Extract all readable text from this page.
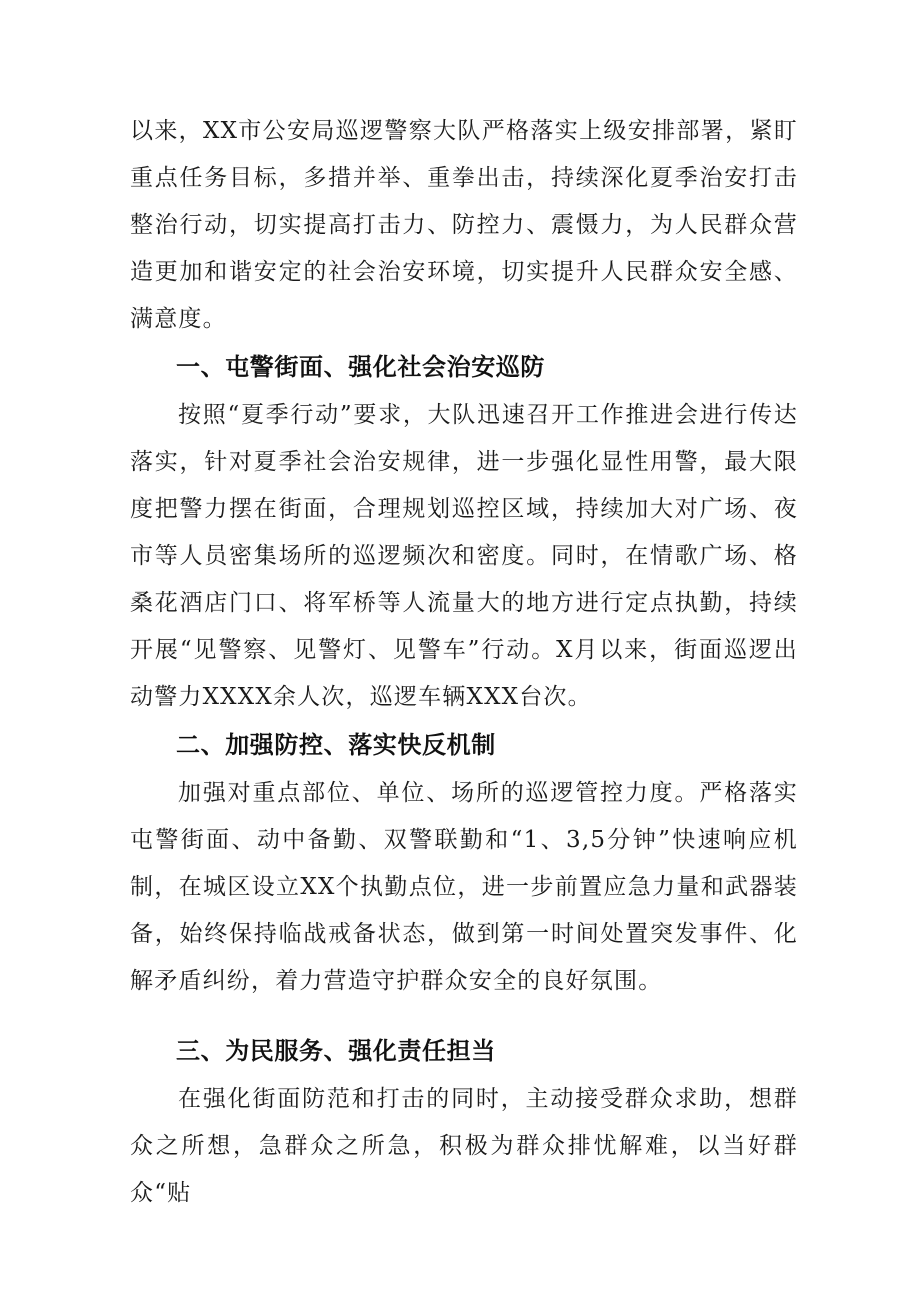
以来，XX市公安局巡逻警察大队严格落实上级安排部署，紧盯重点任务目标，多措并举、重拳出击，持续深化夏季治安打击整治行动，切实提高打击力、防控力、震慑力，为人民群众营造更加和谐安定的社会治安环境，切实提升人民群众安全感、满意度。

一、屯警街面、强化社会治安巡防

按照“夏季行动”要求，大队迅速召开工作推进会进行传达落实，针对夏季社会治安规律，进一步强化显性用警，最大限度把警力摆在街面，合理规划巡控区域，持续加大对广场、夜市等人员密集场所的巡逻频次和密度。同时，在情歌广场、格桑花酒店门口、将军桥等人流量大的地方进行定点执勤，持续开展“见警察、见警灯、见警车”行动。X月以来，街面巡逻出动警力XXXX余人次，巡逻车辆XXX台次。

二、加强防控、落实快反机制

加强对重点部位、单位、场所的巡逻管控力度。严格落实屯警街面、动中备勤、双警联勤和“1、3,5分钟”快速响应机制，在城区设立XX个执勤点位，进一步前置应急力量和武器装备，始终保持临战戒备状态，做到第一时间处置突发事件、化解矛盾纠纷，着力营造守护群众安全的良好氛围。

三、为民服务、强化责任担当

在强化街面防范和打击的同时，主动接受群众求助，想群众之所想，急群众之所急，积极为群众排忧解难，以当好群众“贴
